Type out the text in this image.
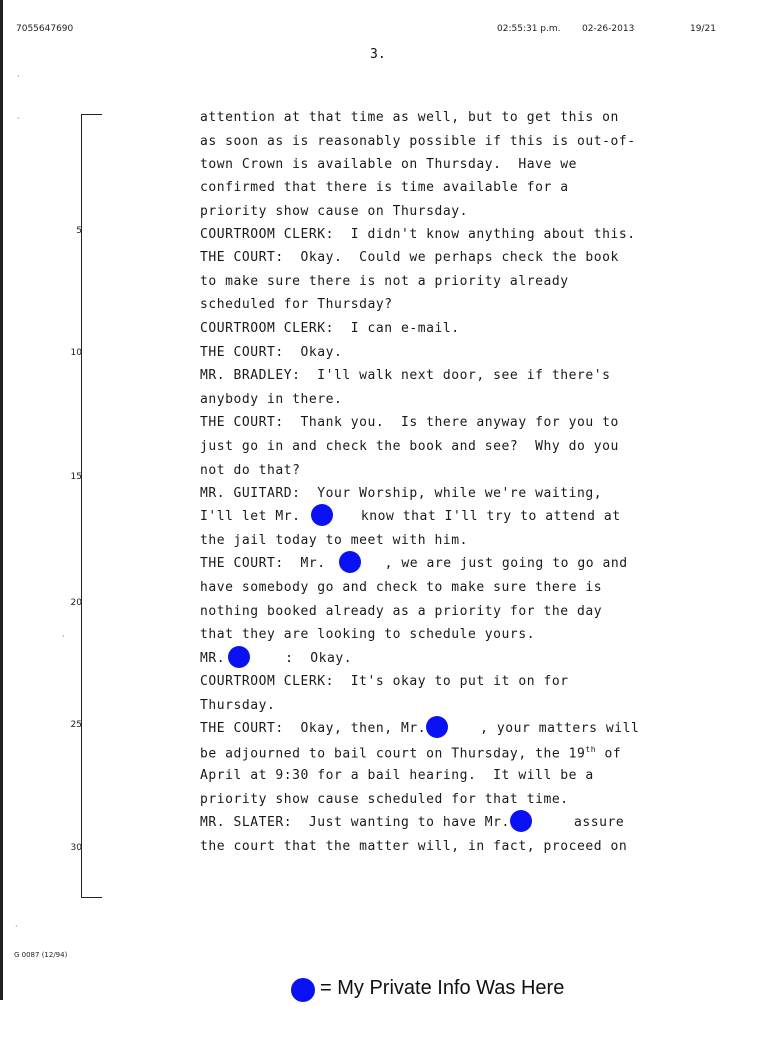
7055647690	02:55:31 p.m. 02-26-2013	19/21
3.
·
·
·
·
5
10
15
20
25
30
attention at that time as well, but to get this on
as soon as is reasonably possible if this is out-of-
town Crown is available on Thursday.  Have we
confirmed that there is time available for a
priority show cause on Thursday.
COURTROOM CLERK:  I didn't know anything about this.
THE COURT:  Okay.  Could we perhaps check the book
to make sure there is not a priority already
scheduled for Thursday?
COURTROOM CLERK:  I can e-mail.
THE COURT:  Okay.
MR. BRADLEY:  I'll walk next door, see if there's
anybody in there.
THE COURT:  Thank you.  Is there anyway for you to
just go in and check the book and see?  Why do you
not do that?
MR. GUITARD:  Your Worship, while we're waiting,
I'll let Mr.	know that I'll try to attend at
the jail today to meet with him.
THE COURT:  Mr.	, we are just going to go and
have somebody go and check to make sure there is
nothing booked already as a priority for the day
that they are looking to schedule yours.
MR.	:  Okay.
COURTROOM CLERK:  It's okay to put it on for
Thursday.
THE COURT:  Okay, then, Mr.	, your matters will
be adjourned to bail court on Thursday, the 19th of
April at 9:30 for a bail hearing.  It will be a
priority show cause scheduled for that time.
MR. SLATER:  Just wanting to have Mr.	assure
the court that the matter will, in fact, proceed on
G 0087 (12/94)
= My Private Info Was Here
